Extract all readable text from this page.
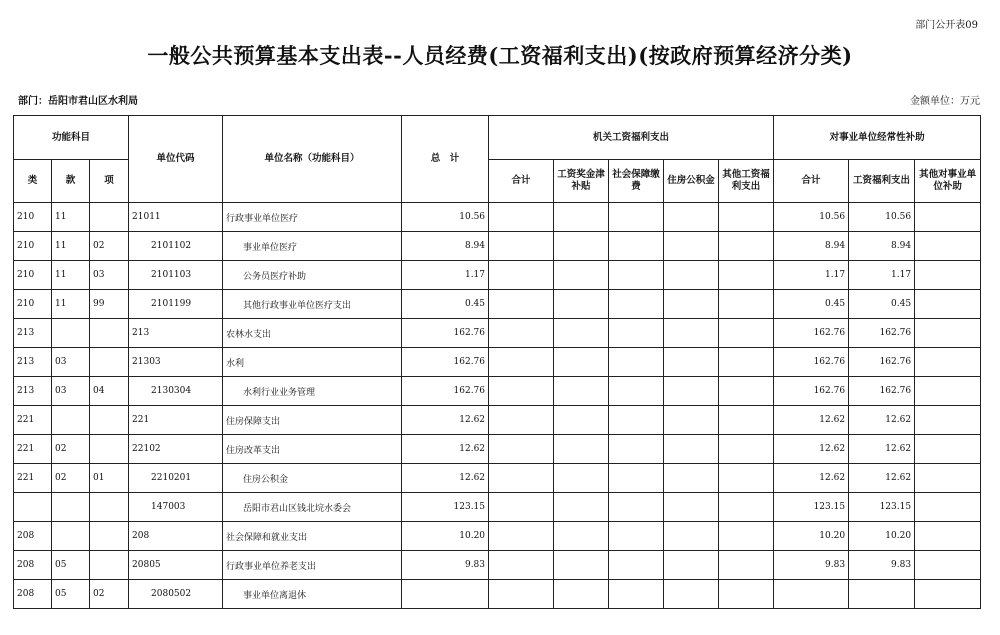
部门公开表09
一般公共预算基本支出表--人员经费(工资福利支出)(按政府预算经济分类)
部门：岳阳市君山区水利局	金额单位：万元
功能科目			单位代码	单位名称（功能科目）	总　计	机关工资福利支出					对事业单位经常性补助		
类	款	项				合计	工资奖金津补贴	社会保障缴费	住房公积金	其他工资福利支出	合计	工资福利支出	其他对事业单位补助
210	11		21011	行政事业单位医疗	10.56						10.56	10.56	
210	11	02	2101102	事业单位医疗	8.94						8.94	8.94	
210	11	03	2101103	公务员医疗补助	1.17						1.17	1.17	
210	11	99	2101199	其他行政事业单位医疗支出	0.45						0.45	0.45	
213			213	农林水支出	162.76						162.76	162.76	
213	03		21303	水利	162.76						162.76	162.76	
213	03	04	2130304	水利行业业务管理	162.76						162.76	162.76	
221			221	住房保障支出	12.62						12.62	12.62	
221	02		22102	住房改革支出	12.62						12.62	12.62	
221	02	01	2210201	住房公积金	12.62						12.62	12.62	
			147003	岳阳市君山区钱北垸水委会	123.15						123.15	123.15	
208			208	社会保障和就业支出	10.20						10.20	10.20	
208	05		20805	行政事业单位养老支出	9.83						9.83	9.83	
208	05	02	2080502	事业单位离退休									
